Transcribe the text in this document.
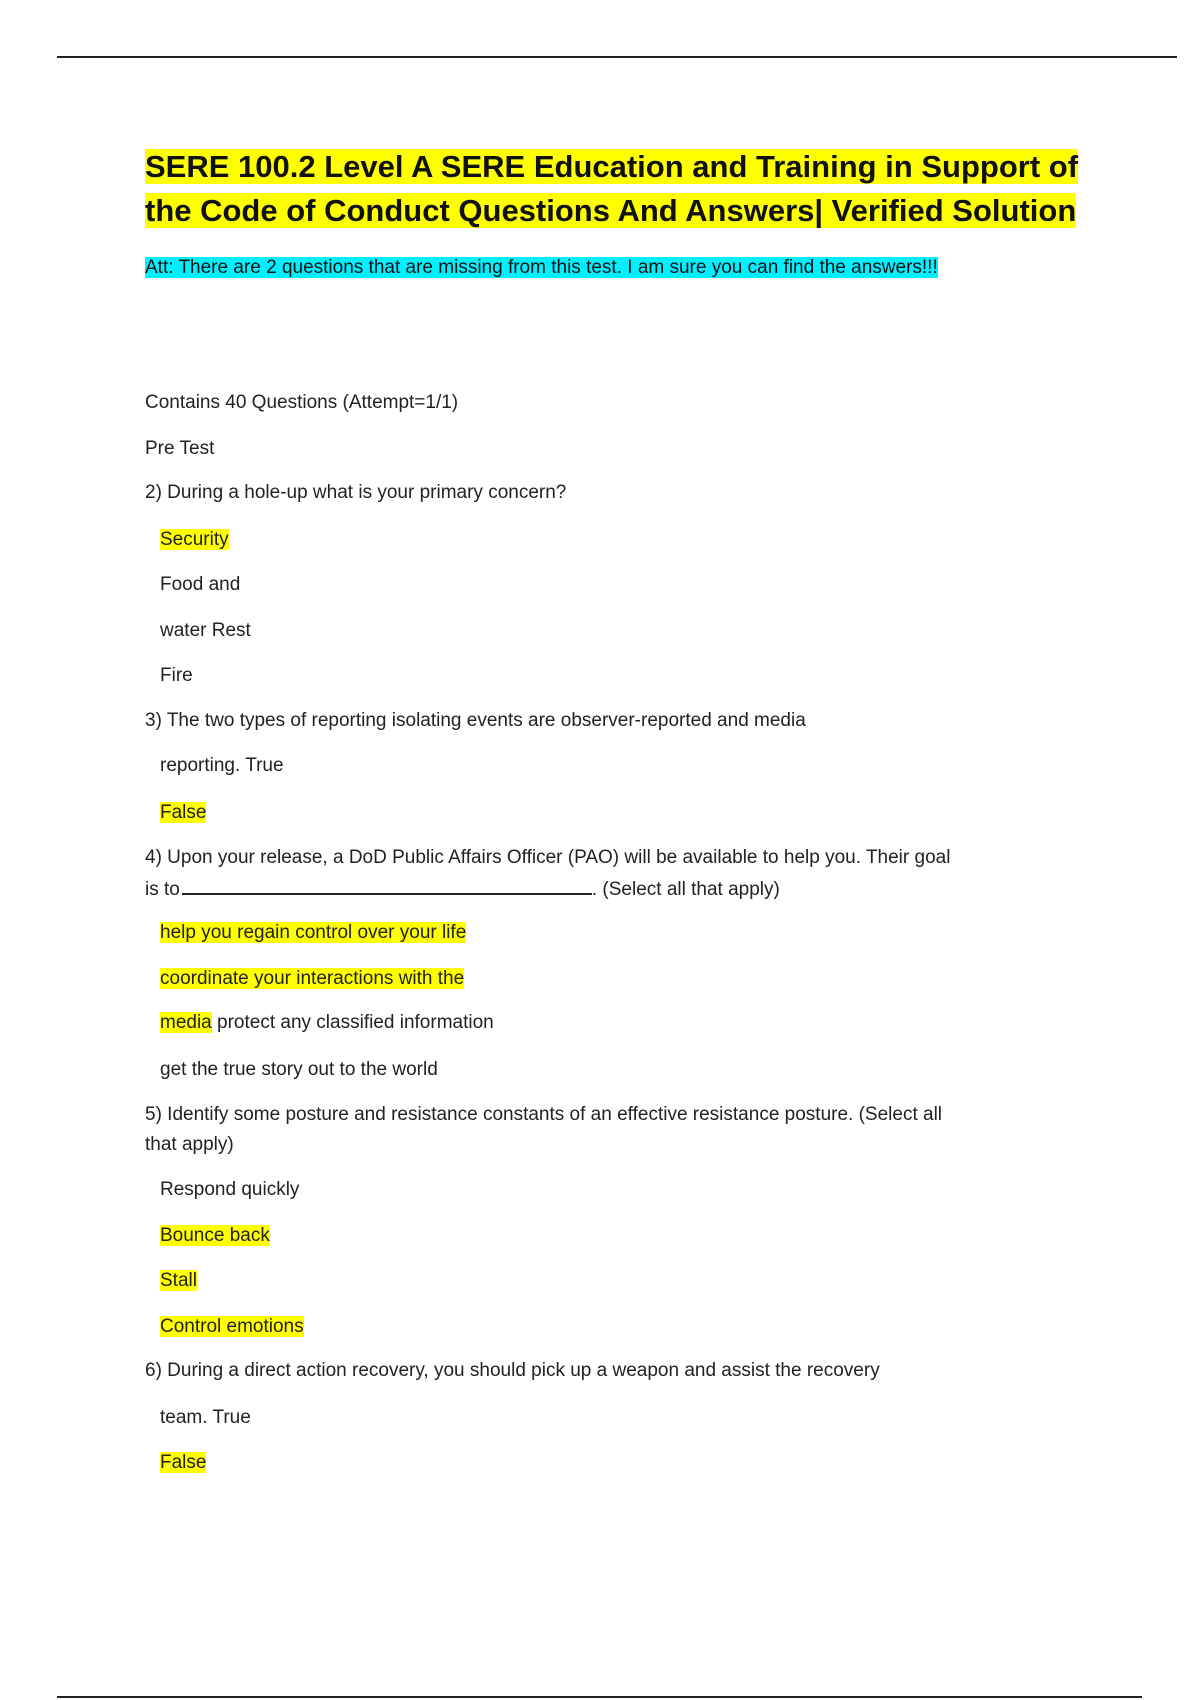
SERE 100.2 Level A SERE Education and Training in Support of
the Code of Conduct Questions And Answers| Verified Solution
Att: There are 2 questions that are missing from this test. I am sure you can find the answers!!!
Contains 40 Questions (Attempt=1/1)
Pre Test
2) During a hole-up what is your primary concern?
Security
Food and
water Rest
Fire
3) The two types of reporting isolating events are observer-reported and media
reporting. True
False
4) Upon your release, a DoD Public Affairs Officer (PAO) will be available to help you. Their goal
is to	. (Select all that apply)
help you regain control over your life
coordinate your interactions with the
media protect any classified information
get the true story out to the world
5) Identify some posture and resistance constants of an effective resistance posture. (Select all
that apply)
Respond quickly
Bounce back
Stall
Control emotions
6) During a direct action recovery, you should pick up a weapon and assist the recovery
team. True
False
